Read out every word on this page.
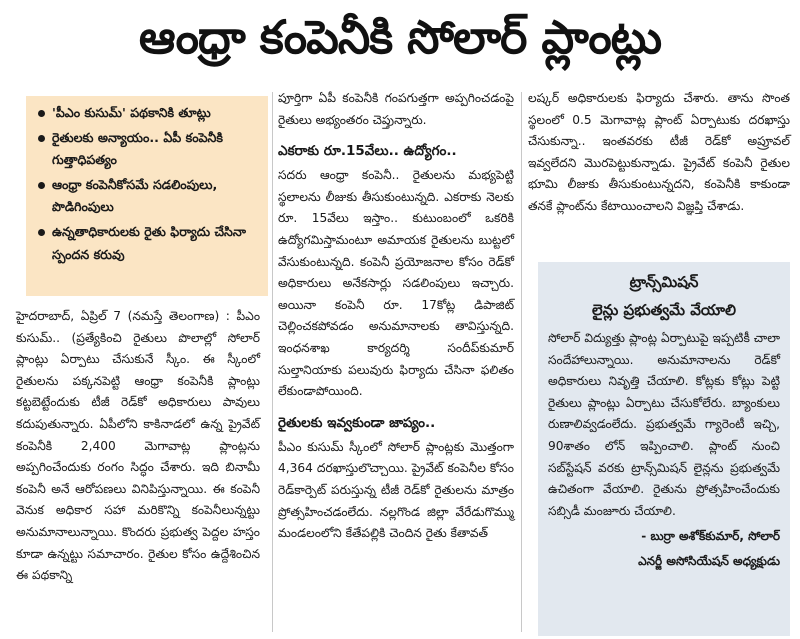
ఆంధ్రా కంపెనీకి సోలార్ ప్లాంట్లు
'పీఎం కుసుమ్' పథకానికి తూట్లు
రైతులకు అన్యాయం.. ఏపీ కంపెనీకి గుత్తాధిపత్యం
ఆంధ్రా కంపెనీకోసమే సడలింపులు, పొడిగింపులు
ఉన్నతాధికారులకు రైతు ఫిర్యాదు చేసినా స్పందన కరువు

హైదరాబాద్, ఏప్రిల్ 7 (నమస్తే తెలంగాణ) : పీఎం కుసుమ్.. (ప్రత్యేకించి రైతులు పొలాల్లో సోలార్ ప్లాంట్లు ఏర్పాటు చేసుకునే స్కీం. ఈ స్కీంలో రైతులను పక్కనపెట్టి ఆంధ్రా కంపెనీకి ప్లాంట్లు కట్టబెట్టేందుకు టీజీ రెడ్‌కో అధికారులు పావులు కదుపుతున్నారు. ఏపీలోని కాకినాడలో ఉన్న ప్రైవేట్ కంపెనీకి 2,400 మెగావాట్ల ప్లాంట్లను అప్పగించేందుకు రంగం సిద్ధం చేశారు. ఇది బినామీ కంపెనీ అనే ఆరోపణలు వినిపిస్తున్నాయి. ఈ కంపెనీ వెనుక అధికార సహా మరికొన్ని కంపెనీలున్నట్టు అనుమానాలున్నాయి. కొందరు ప్రభుత్వ పెద్దల హస్తం కూడా ఉన్నట్టు సమాచారం. రైతుల కోసం ఉద్దేశించిన ఈ పథకాన్ని

పూర్తిగా ఏపీ కంపెనీకి గంపగుత్తగా అప్పగించడంపై రైతులు అభ్యంతరం చెప్తున్నారు.

ఎకరాకు రూ.15వేలు.. ఉద్యోగం..

సదరు ఆంధ్రా కంపెనీ.. రైతులను మభ్యపెట్టి స్థలాలను లీజుకు తీసుకుంటున్నది. ఎకరాకు నెలకు రూ. 15వేలు ఇస్తాం.. కుటుంబంలో ఒకరికి ఉద్యోగమిస్తామంటూ అమాయక రైతులను బుట్టలో వేసుకుంటున్నది. కంపెనీ ప్రయోజనాల కోసం రెడ్‌కో అధికారులు అనేకసార్లు సడలింపులు ఇచ్చారు. అయినా కంపెనీ రూ. 17కోట్ల డిపాజిట్ చెల్లించకపోవడం అనుమానాలకు తావిస్తున్నది. ఇంధనశాఖ కార్యదర్శి సందీప్‌కుమార్ సుల్తానియాకు పలువురు ఫిర్యాదు చేసినా ఫలితం లేకుండాపోయింది.

రైతులకు ఇవ్వకుండా జాప్యం..

పీఎం కుసుమ్ స్కీంలో సోలార్ ప్లాంట్లకు మొత్తంగా 4,364 దరఖాస్తులొచ్చాయి. ప్రైవేట్ కంపెనీల కోసం రెడ్‌కార్పెట్ పరుస్తున్న టీజీ రెడ్‌కో రైతులను మాత్రం ప్రోత్సహించడంలేదు. నల్లగొండ జిల్లా వేరేడుగొమ్ము మండలంలోని కేతేపల్లికి చెందిన రైతు కేతావత్

లష్కర్ అధికారులకు ఫిర్యాదు చేశారు. తాను సొంత స్థలంలో 0.5 మెగావాట్ల ప్లాంట్ ఏర్పాటుకు దరఖాస్తు చేసుకున్నా.. ఇంతవరకు టీజీ రెడ్‌కో అప్రూవల్ ఇవ్వలేదని మొరపెట్టుకున్నాడు. ప్రైవేట్ కంపెనీ రైతుల భూమి లీజుకు తీసుకుంటున్నదని, కంపెనీకి కాకుండా తనకే ప్లాంట్‌ను కేటాయించాలని విజ్ఞప్తి చేశాడు.

ట్రాన్స్‌మిషన్
లైన్లు ప్రభుత్వమే వేయాలి
సోలార్ విద్యుత్తు ప్లాంట్ల ఏర్పాటుపై ఇప్పటికీ చాలా సందేహాలున్నాయి. అనుమానాలను రెడ్‌కో అధికారులు నివృత్తి చేయాలి. కోట్లకు కోట్లు పెట్టి రైతులు ప్లాంట్లు ఏర్పాటు చేసుకోలేరు. బ్యాంకులు రుణాలివ్వడంలేదు. ప్రభుత్వమే గ్యారెంటీ ఇచ్చి, 90శాతం లోన్ ఇప్పించాలి. ప్లాంట్ నుంచి సబ్‌స్టేషన్ వరకు ట్రాన్స్‌మిషన్ లైన్లను ప్రభుత్వమే ఉచితంగా వేయాలి. రైతును ప్రోత్సహించేందుకు సబ్సిడీ మంజూరు చేయాలి.
- బుర్రా అశోక్‌కుమార్, సోలార్
ఎనర్జీ అసోసియేషన్ అధ్యక్షుడు
